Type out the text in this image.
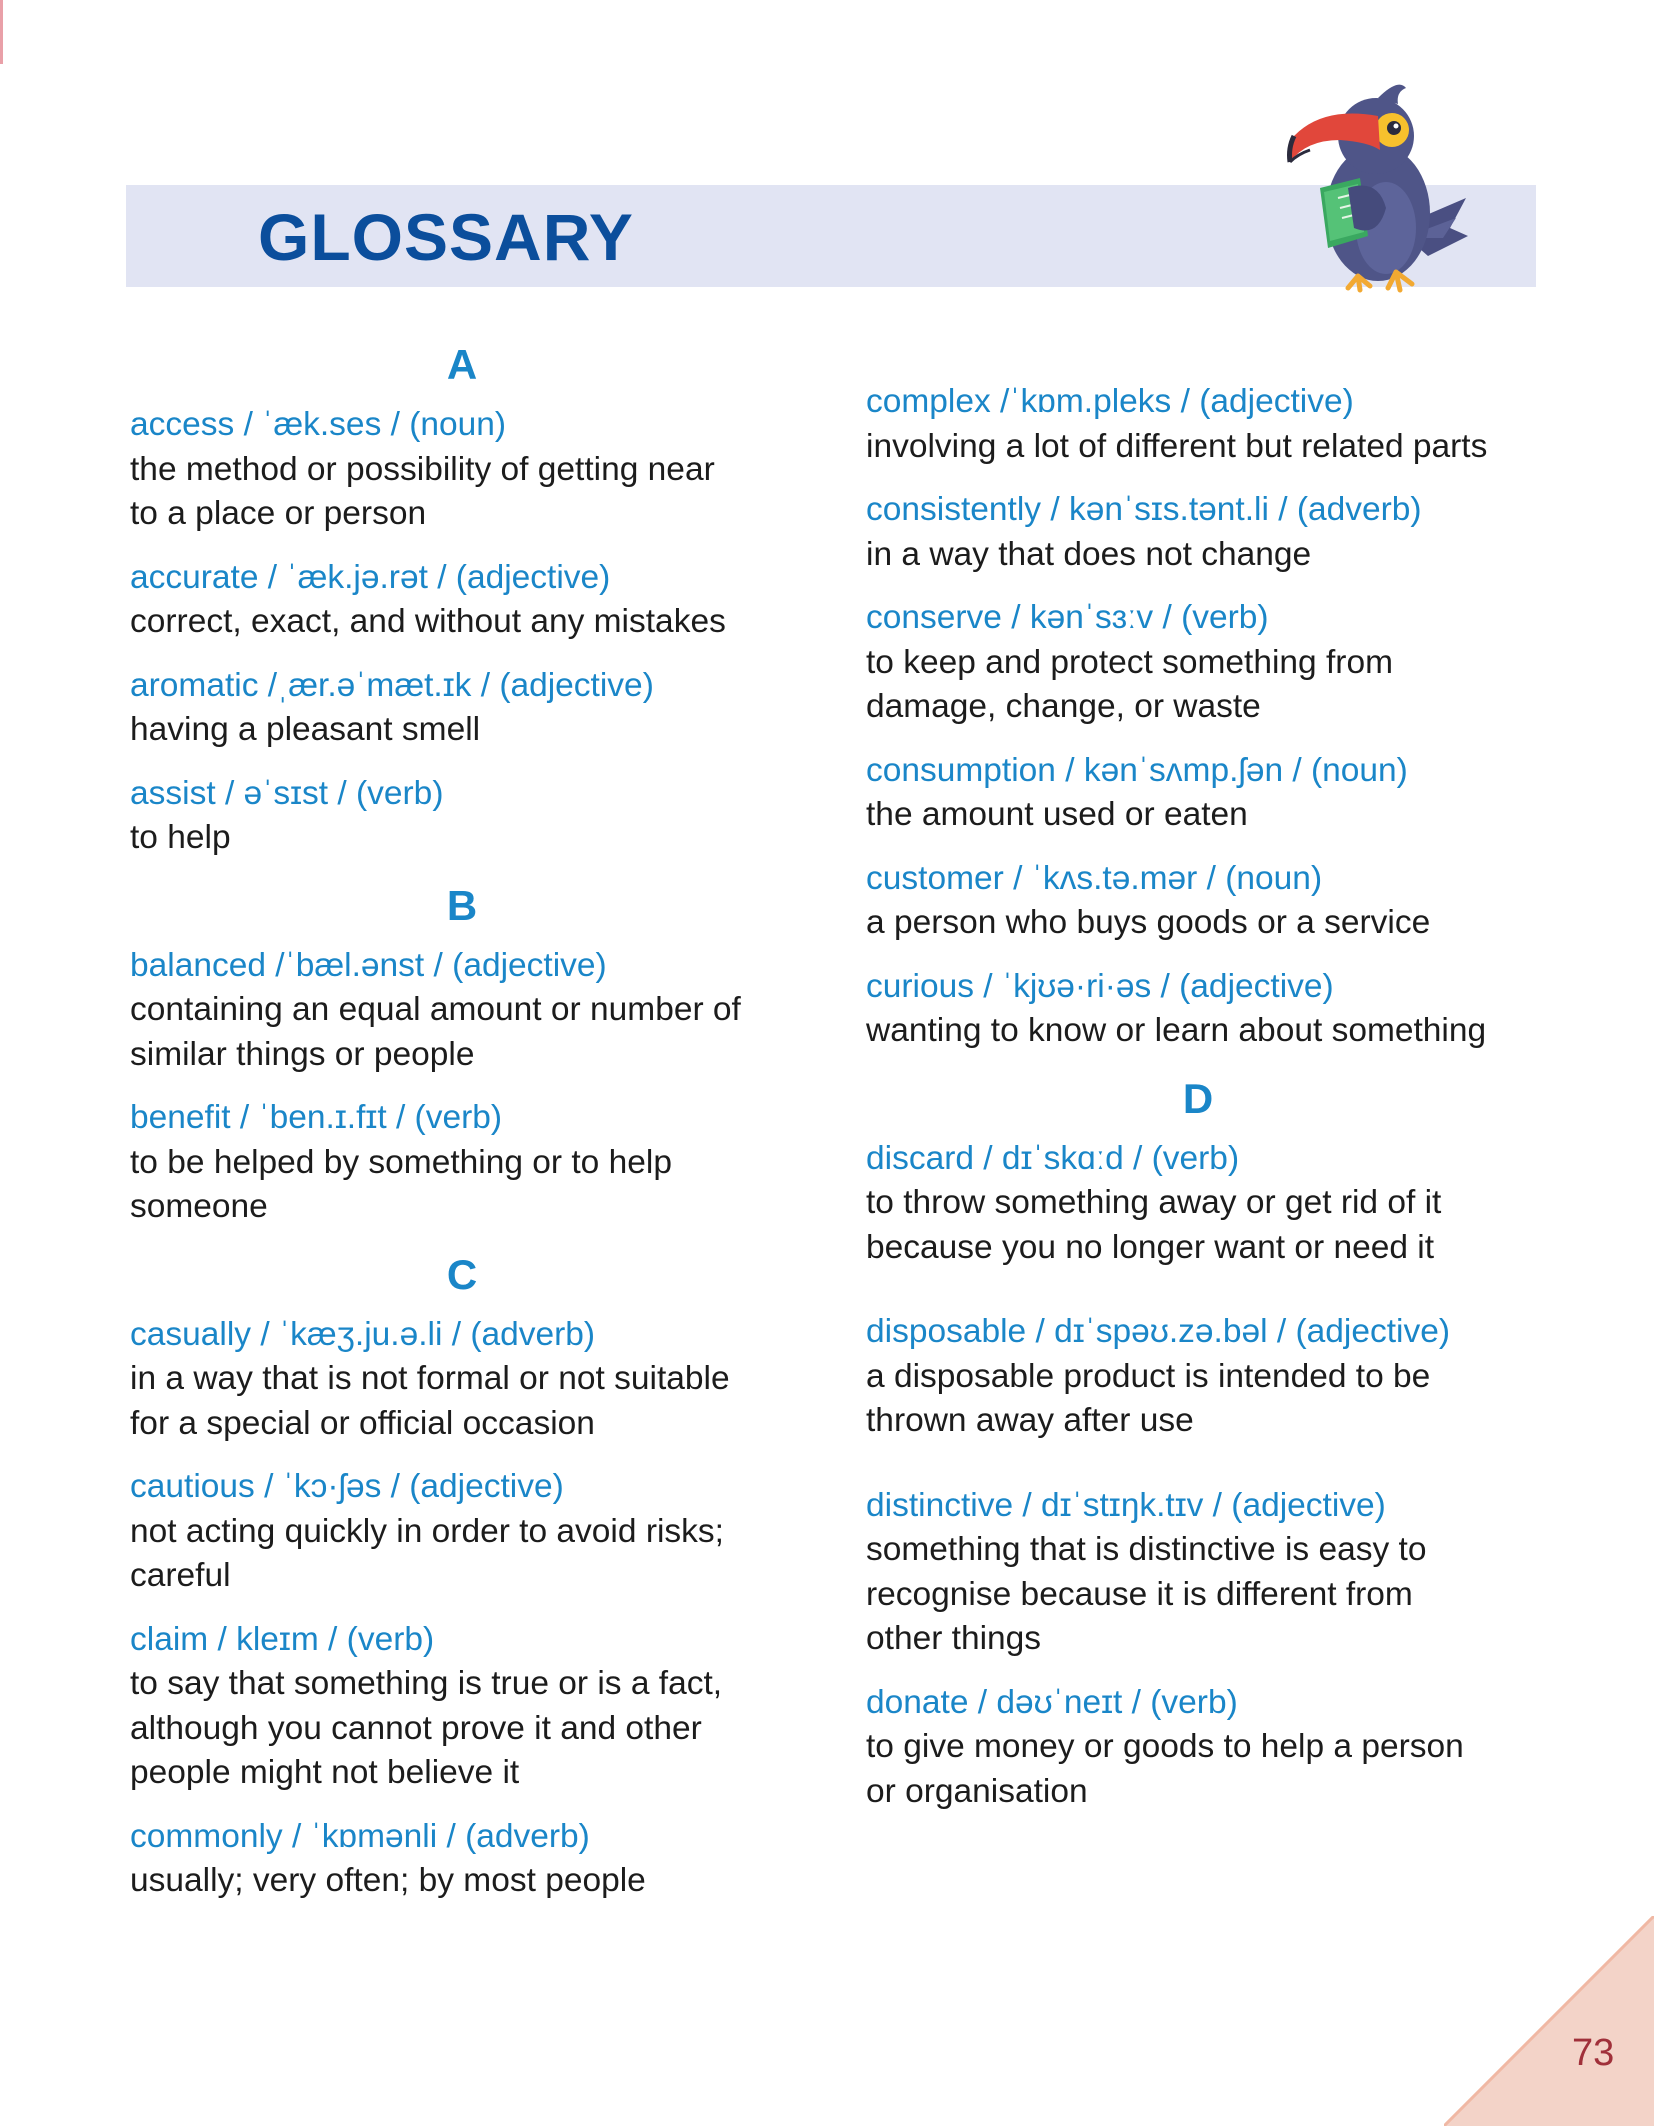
GLOSSARY
A
access / ˈæk.ses / (noun)
the method or possibility of getting near
to a place or person
accurate / ˈæk.jə.rət / (adjective)
correct, exact, and without any mistakes
aromatic /ˌær.əˈmæt.ɪk / (adjective)
having a pleasant smell
assist / əˈsɪst / (verb)
to help
B
balanced /ˈbæl.ənst / (adjective)
containing an equal amount or number of
similar things or people
benefit / ˈben.ɪ.fɪt / (verb)
to be helped by something or to help
someone
C
casually / ˈkæʒ.ju.ə.li / (adverb)
in a way that is not formal or not suitable
for a special or official occasion
cautious / ˈkɔ·ʃəs / (adjective)
not acting quickly in order to avoid risks;
careful
claim / kleɪm / (verb)
to say that something is true or is a fact,
although you cannot prove it and other
people might not believe it
commonly / ˈkɒmənli / (adverb)
usually; very often; by most people
complex /ˈkɒm.pleks / (adjective)
involving a lot of different but related parts
consistently / kənˈsɪs.tənt.li / (adverb)
in a way that does not change
conserve / kənˈsɜːv / (verb)
to keep and protect something from
damage, change, or waste
consumption / kənˈsʌmp.ʃən / (noun)
the amount used or eaten
customer / ˈkʌs.tə.mər / (noun)
a person who buys goods or a service
curious / ˈkjʊə·ri·əs / (adjective)
wanting to know or learn about something
D
discard / dɪˈskɑːd / (verb)
to throw something away or get rid of it
because you no longer want or need it
disposable / dɪˈspəʊ.zə.bəl / (adjective)
a disposable product is intended to be
thrown away after use
distinctive / dɪˈstɪŋk.tɪv / (adjective)
something that is distinctive is easy to
recognise because it is different from
other things
donate / dəʊˈneɪt / (verb)
to give money or goods to help a person
or organisation
73
